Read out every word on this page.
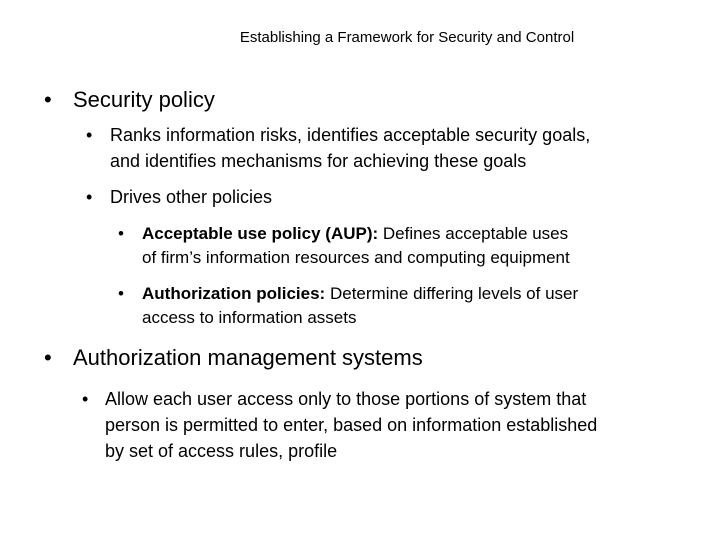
Establishing a Framework for Security and Control
• Security policy
• Ranks information risks, identifies acceptable security goals,
and identifies mechanisms for achieving these goals
• Drives other policies
• Acceptable use policy (AUP): Defines acceptable uses
of firm’s information resources and computing equipment
• Authorization policies: Determine differing levels of user
access to information assets
• Authorization management systems
• Allow each user access only to those portions of system that
person is permitted to enter, based on information established
by set of access rules, profile
